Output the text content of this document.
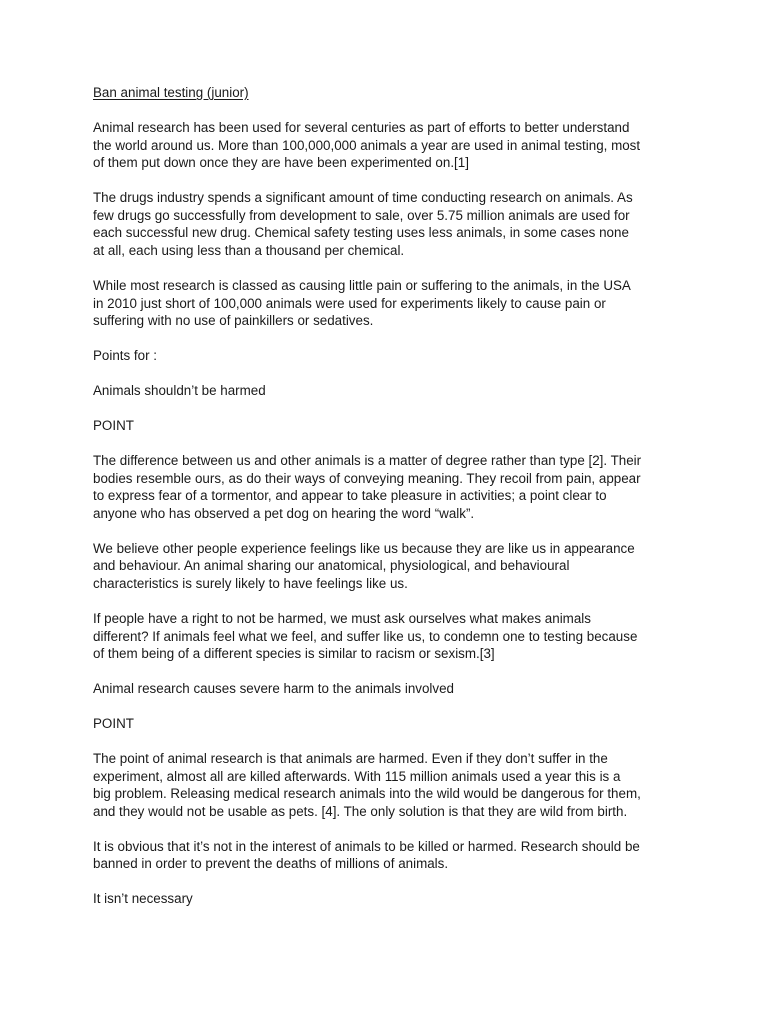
Ban animal testing (junior)
Animal research has been used for several centuries as part of efforts to better understand
the world around us. More than 100,000,000 animals a year are used in animal testing, most
of them put down once they are have been experimented on.[1]
The drugs industry spends a significant amount of time conducting research on animals. As
few drugs go successfully from development to sale, over 5.75 million animals are used for
each successful new drug. Chemical safety testing uses less animals, in some cases none
at all, each using less than a thousand per chemical.
While most research is classed as causing little pain or suffering to the animals, in the USA
in 2010 just short of 100,000 animals were used for experiments likely to cause pain or
suffering with no use of painkillers or sedatives.
Points for :
Animals shouldn’t be harmed
POINT
The difference between us and other animals is a matter of degree rather than type [2]. Their
bodies resemble ours, as do their ways of conveying meaning. They recoil from pain, appear
to express fear of a tormentor, and appear to take pleasure in activities; a point clear to
anyone who has observed a pet dog on hearing the word “walk”.
We believe other people experience feelings like us because they are like us in appearance
and behaviour. An animal sharing our anatomical, physiological, and behavioural
characteristics is surely likely to have feelings like us.
If people have a right to not be harmed, we must ask ourselves what makes animals
different? If animals feel what we feel, and suffer like us, to condemn one to testing because
of them being of a different species is similar to racism or sexism.[3]
Animal research causes severe harm to the animals involved
POINT
The point of animal research is that animals are harmed. Even if they don’t suffer in the
experiment, almost all are killed afterwards. With 115 million animals used a year this is a
big problem. Releasing medical research animals into the wild would be dangerous for them,
and they would not be usable as pets. [4]. The only solution is that they are wild from birth.
It is obvious that it’s not in the interest of animals to be killed or harmed. Research should be
banned in order to prevent the deaths of millions of animals.
It isn’t necessary
